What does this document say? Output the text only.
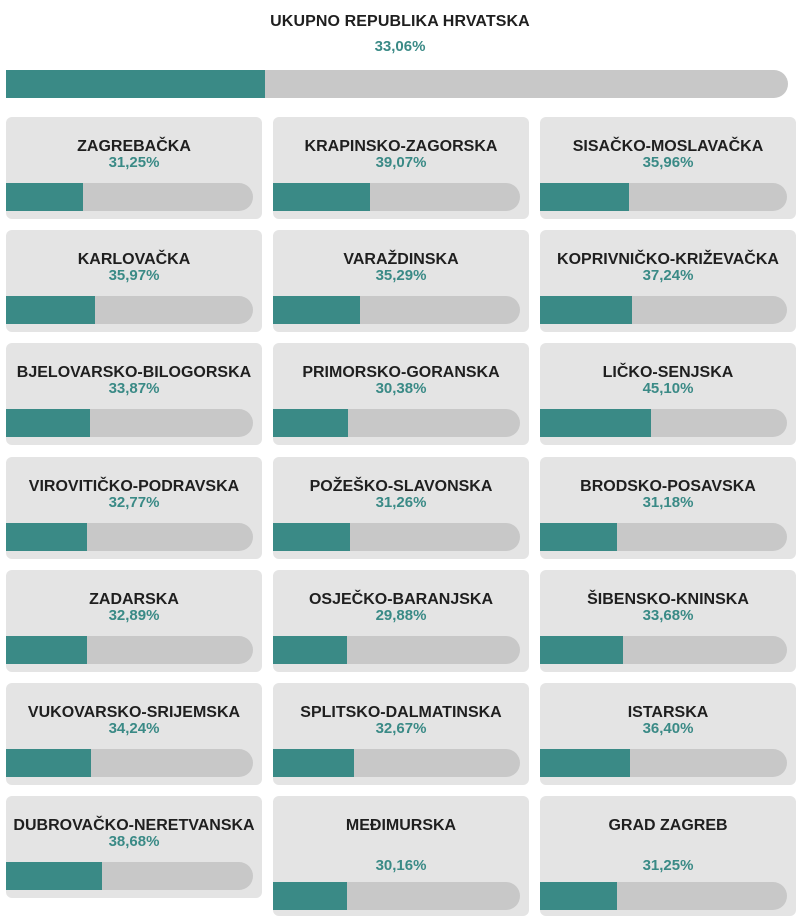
UKUPNO REPUBLIKA HRVATSKA
33,06%
ZAGREBAČKA
31,25%
KRAPINSKO-ZAGORSKA
39,07%
SISAČKO-MOSLAVAČKA
35,96%
KARLOVAČKA
35,97%
VARAŽDINSKA
35,29%
KOPRIVNIČKO-KRIŽEVAČKA
37,24%
BJELOVARSKO-BILOGORSKA
33,87%
PRIMORSKO-GORANSKA
30,38%
LIČKO-SENJSKA
45,10%
VIROVITIČKO-PODRAVSKA
32,77%
POŽEŠKO-SLAVONSKA
31,26%
BRODSKO-POSAVSKA
31,18%
ZADARSKA
32,89%
OSJEČKO-BARANJSKA
29,88%
ŠIBENSKO-KNINSKA
33,68%
VUKOVARSKO-SRIJEMSKA
34,24%
SPLITSKO-DALMATINSKA
32,67%
ISTARSKA
36,40%
DUBROVAČKO-NERETVANSKA
38,68%
MEĐIMURSKA
30,16%
GRAD ZAGREB
31,25%
